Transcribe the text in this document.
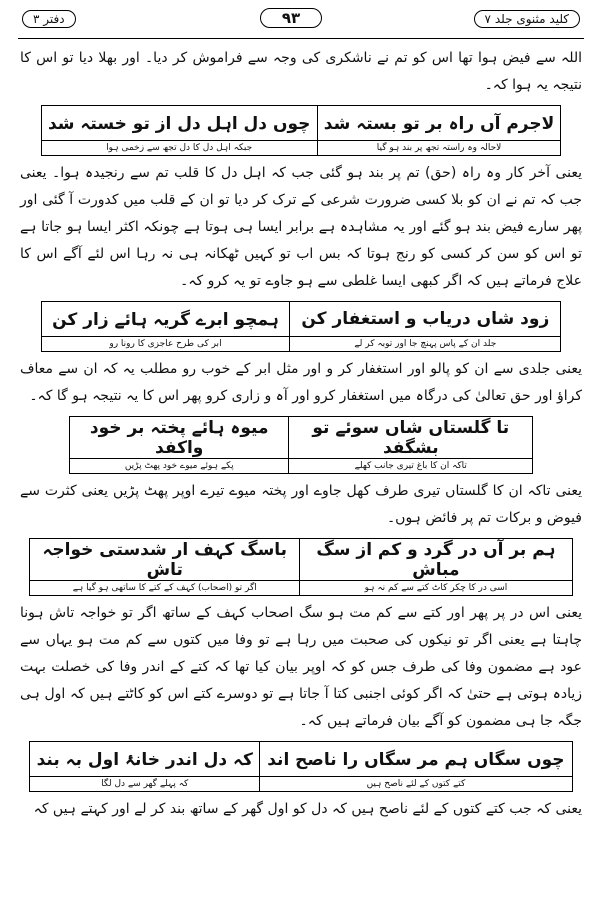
کلید مثنوی جلد ۷
۹۳
دفتر ۳

اللہ سے فیض ہوا تھا اس کو تم نے ناشکری کی وجہ سے فراموش کر دیا۔ اور بھلا دیا تو اس کا نتیجہ یہ ہوا کہ۔

لاجرم آں راہ بر تو بستہ شد	چوں دل اہل دل از تو خستہ شد
لاحالہ وہ راستہ تجھ پر بند ہو گیا	جبکہ اہل دل کا دل تجھ سے زخمی ہوا

یعنی آخر کار وہ راہ (حق) تم پر بند ہو گئی جب کہ اہل دل کا قلب تم سے رنجیدہ ہوا۔ یعنی جب کہ تم نے ان کو بلا کسی ضرورت شرعی کے ترک کر دیا تو ان کے قلب میں کدورت آ گئی اور پھر سارے فیض بند ہو گئے اور یہ مشاہدہ ہے برابر ایسا ہی ہوتا ہے چونکہ اکثر ایسا ہو جاتا ہے تو اس کو سن کر کسی کو رنج ہوتا کہ بس اب تو کہیں ٹھکانہ ہی نہ رہا اس لئے آگے اس کا علاج فرماتے ہیں کہ اگر کبھی ایسا غلطی سے ہو جاوے تو یہ کرو کہ۔

زود شاں دریاب و استغفار کن	ہمچو ابرے گریہ ہائے زار کن
جلد ان کے پاس پہنچ جا اور توبہ کر لے	ابر کی طرح عاجزی کا رونا رو

یعنی جلدی سے ان کو پالو اور استغفار کر و اور مثل ابر کے خوب رو مطلب یہ کہ ان سے معاف کراؤ اور حق تعالیٰ کی درگاہ میں استغفار کرو اور آہ و زاری کرو پھر اس کا یہ نتیجہ ہو گا کہ۔

تا گلستاں شاں سوئے تو بشگفد	میوہ ہائے پختہ بر خود واکفد
تاکہ ان کا باغ تیری جانب کھلے	پکے ہوئے میوے خود پھٹ پڑیں

یعنی تاکہ ان کا گلستاں تیری طرف کھل جاوے اور پختہ میوے تیرے اوپر پھٹ پڑیں یعنی کثرت سے فیوض و برکات تم پر فائض ہوں۔

ہم بر آں در گرد و کم از سگ مباش	باسگ کہف ار شدستی خواجہ تاش
اسی در کا چکر کاٹ کتے سے کم نہ ہو	اگر تو (اصحاب) کہف کے کتے کا ساتھی ہو گیا ہے

یعنی اس در پر پھر اور کتے سے کم مت ہو سگ اصحاب کہف کے ساتھ اگر تو خواجہ تاش ہونا چاہتا ہے یعنی اگر تو نیکوں کی صحبت میں رہا ہے تو وفا میں کتوں سے کم مت ہو یہاں سے عود ہے مضمون وفا کی طرف جس کو کہ اوپر بیان کیا تھا کہ کتے کے اندر وفا کی خصلت بہت زیادہ ہوتی ہے حتیٰ کہ اگر کوئی اجنبی کتا آ جاتا ہے تو دوسرے کتے اس کو کاٹتے ہیں کہ اول ہی جگہ جا ہی مضمون کو آگے بیان فرماتے ہیں کہ۔

چوں سگاں ہم مر سگاں را ناصح اند	کہ دل اندر خانۂ اول بہ بند
کتے کتوں کے لئے ناصح ہیں	کہ پہلے گھر سے دل لگا

یعنی کہ جب کتے کتوں کے لئے ناصح ہیں کہ دل کو اول گھر کے ساتھ بند کر لے اور کہتے ہیں کہ
